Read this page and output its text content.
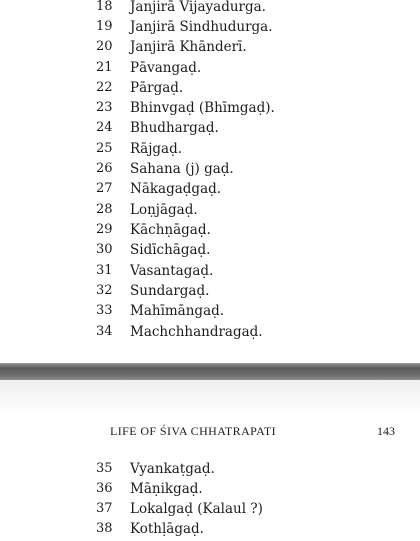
18 Janjirā Vijayadurga.
19 Janjirā Sindhudurga.
20 Janjirā Khānderī.
21 Pāvangaḍ.
22 Pārgaḍ.
23 Bhinvgaḍ (Bhīmgaḍ).
24 Bhudhargaḍ.
25 Rājgaḍ.
26 Sahana (j) gaḍ.
27 Nākagaḍgaḍ.
28 Loṇjāgaḍ.
29 Kāchṇāgaḍ.
30 Sidīchāgaḍ.
31 Vasantagaḍ.
32 Sundargaḍ.
33 Mahīmāngaḍ.
34 Machchhandragaḍ.
LIFE OF ŚIVA CHHATRAPATI	143
35 Vyankaṭgaḍ.
36 Māṇikgaḍ.
37 Lokalgaḍ (Kalaul ?)
38 Kothḷāgaḍ.
